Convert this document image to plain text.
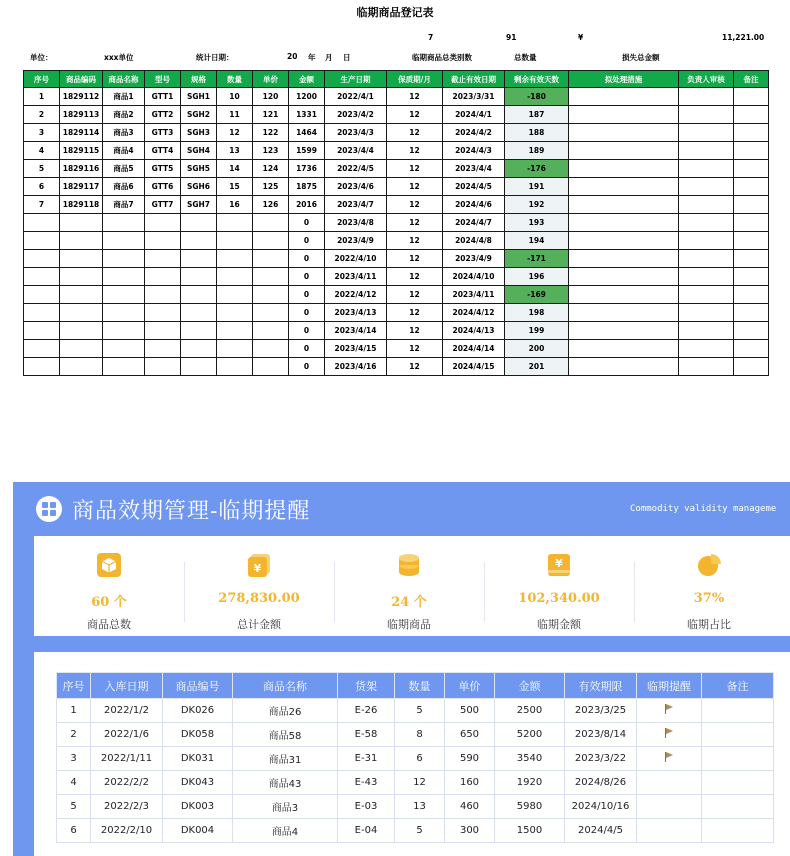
临期商品登记表
7	91	¥	11,221.00
单位：	xxx单位	统计日期：	20 年 月 日	临期商品总类别数	总数量	损失总金额
序号	商品编码	商品名称	型号	规格	数量	单价	金额	生产日期	保质期/月	截止有效日期	剩余有效天数	拟处理措施	负责人审核	备注
1	1829112	商品1	GTT1	SGH1	10	120	1200	2022/4/1	12	2023/3/31	-180			
2	1829113	商品2	GTT2	SGH2	11	121	1331	2023/4/2	12	2024/4/1	187			
3	1829114	商品3	GTT3	SGH3	12	122	1464	2023/4/3	12	2024/4/2	188			
4	1829115	商品4	GTT4	SGH4	13	123	1599	2023/4/4	12	2024/4/3	189			
5	1829116	商品5	GTT5	SGH5	14	124	1736	2022/4/5	12	2023/4/4	-176			
6	1829117	商品6	GTT6	SGH6	15	125	1875	2023/4/6	12	2024/4/5	191			
7	1829118	商品7	GTT7	SGH7	16	126	2016	2023/4/7	12	2024/4/6	192			
							0	2023/4/8	12	2024/4/7	193			
							0	2023/4/9	12	2024/4/8	194			
							0	2022/4/10	12	2023/4/9	-171			
							0	2023/4/11	12	2024/4/10	196			
							0	2022/4/12	12	2023/4/11	-169			
							0	2023/4/13	12	2024/4/12	198			
							0	2023/4/14	12	2024/4/13	199			
							0	2023/4/15	12	2024/4/14	200			
							0	2023/4/16	12	2024/4/15	201			
商品效期管理-临期提醒	Commodity validity manageme
60 个
商品总数
¥
278,830.00
总计金额
24 个
临期商品
¥
102,340.00
临期金额
37%
临期占比
序号	入库日期	商品编号	商品名称	货架	数量	单价	金额	有效期限	临期提醒	备注
1	2022/1/2	DK026	商品26	E-26	5	500	2500	2023/3/25	

2	2022/1/6	DK058	商品58	E-58	8	650	5200	2023/8/14	

3	2022/1/11	DK031	商品31	E-31	6	590	3540	2023/3/22	

4	2022/2/2	DK043	商品43	E-43	12	160	1920	2024/8/26		
5	2022/2/3	DK003	商品3	E-03	13	460	5980	2024/10/16		
6	2022/2/10	DK004	商品4	E-04	5	300	1500	2024/4/5		
